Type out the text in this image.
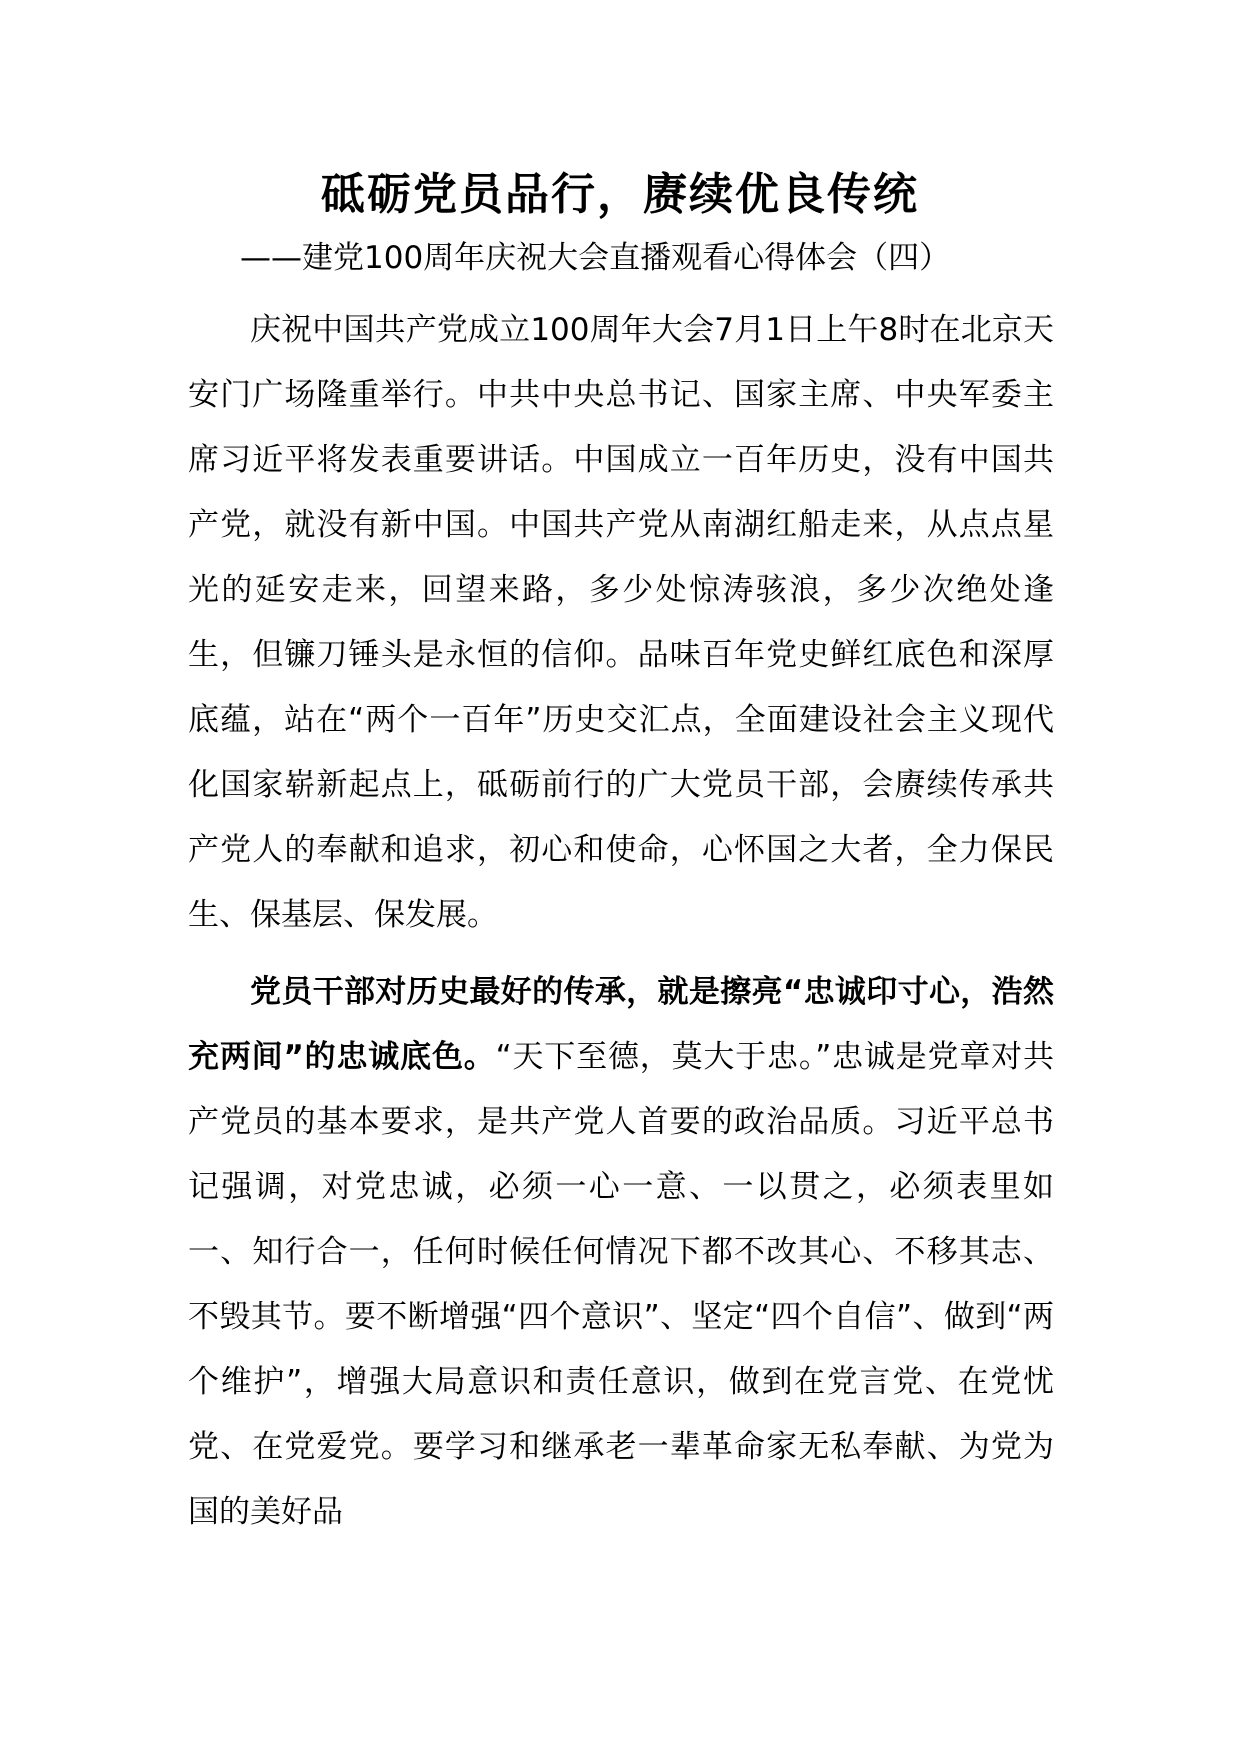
砥砺党员品行，赓续优良传统
——建党100周年庆祝大会直播观看心得体会（四）

庆祝中国共产党成立100周年大会7月1日上午8时在北京天安门广场隆重举行。中共中央总书记、国家主席、中央军委主席习近平将发表重要讲话。中国成立一百年历史，没有中国共产党，就没有新中国。中国共产党从南湖红船走来，从点点星光的延安走来，回望来路，多少处惊涛骇浪，多少次绝处逢生，但镰刀锤头是永恒的信仰。品味百年党史鲜红底色和深厚底蕴，站在“两个一百年”历史交汇点，全面建设社会主义现代化国家崭新起点上，砥砺前行的广大党员干部，会赓续传承共产党人的奉献和追求，初心和使命，心怀国之大者，全力保民生、保基层、保发展。

党员干部对历史最好的传承，就是擦亮“忠诚印寸心，浩然充两间”的忠诚底色。“天下至德，莫大于忠。”忠诚是党章对共产党员的基本要求，是共产党人首要的政治品质。习近平总书记强调，对党忠诚，必须一心一意、一以贯之，必须表里如一、知行合一，任何时候任何情况下都不改其心、不移其志、不毁其节。要不断增强“四个意识”、坚定“四个自信”、做到“两个维护”，增强大局意识和责任意识，做到在党言党、在党忧党、在党爱党。要学习和继承老一辈革命家无私奉献、为党为国的美好品
